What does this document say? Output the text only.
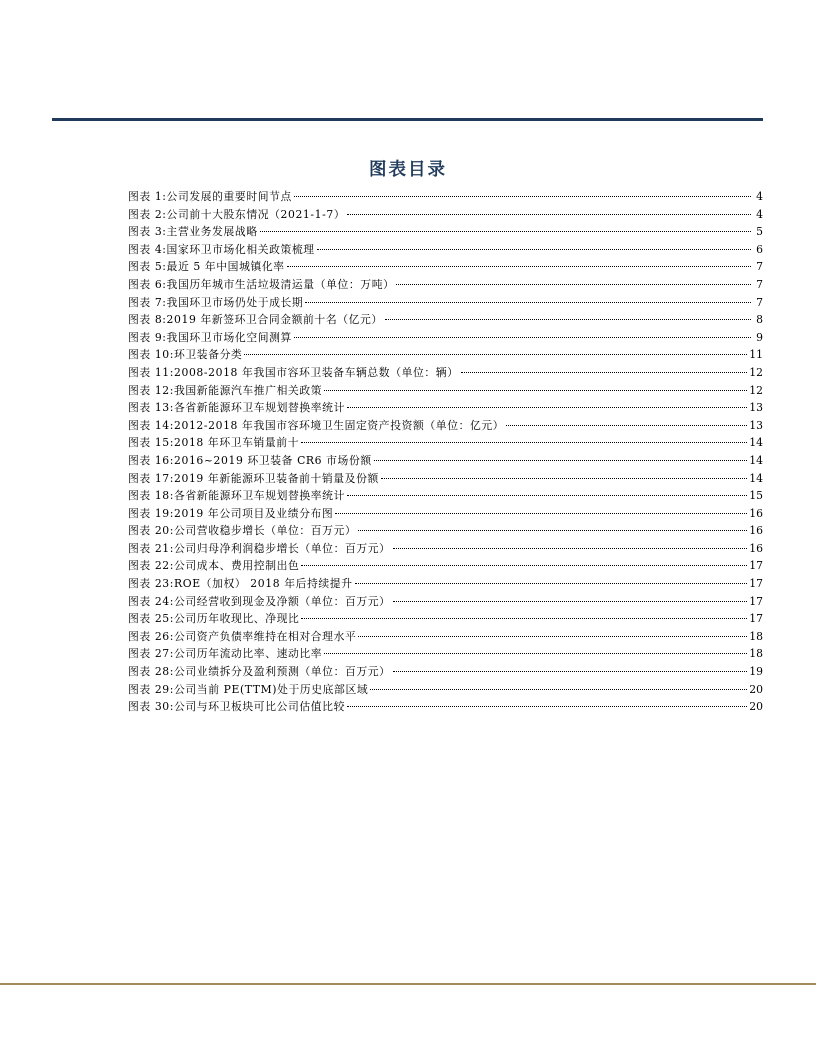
图表目录
图表 1: 公司发展的重要时间节点	4
图表 2: 公司前十大股东情况（2021-1-7）	4
图表 3: 主营业务发展战略	5
图表 4: 国家环卫市场化相关政策梳理	6
图表 5: 最近 5 年中国城镇化率	7
图表 6: 我国历年城市生活垃圾清运量（单位：万吨）	7
图表 7: 我国环卫市场仍处于成长期	7
图表 8: 2019 年新签环卫合同金额前十名（亿元）	8
图表 9: 我国环卫市场化空间测算	9
图表 10: 环卫装备分类	11
图表 11: 2008-2018 年我国市容环卫装备车辆总数（单位：辆）	12
图表 12: 我国新能源汽车推广相关政策	12
图表 13: 各省新能源环卫车规划替换率统计	13
图表 14: 2012-2018 年我国市容环境卫生固定资产投资额（单位：亿元）	13
图表 15: 2018 年环卫车销量前十	14
图表 16: 2016~2019 环卫装备 CR6 市场份额	14
图表 17: 2019 年新能源环卫装备前十销量及份额	14
图表 18: 各省新能源环卫车规划替换率统计	15
图表 19: 2019 年公司项目及业绩分布图	16
图表 20: 公司营收稳步增长（单位：百万元）	16
图表 21: 公司归母净利润稳步增长（单位：百万元）	16
图表 22: 公司成本、费用控制出色	17
图表 23: ROE（加权） 2018 年后持续提升	17
图表 24: 公司经营收到现金及净额（单位：百万元）	17
图表 25: 公司历年收现比、净现比	17
图表 26: 公司资产负债率维持在相对合理水平	18
图表 27: 公司历年流动比率、速动比率	18
图表 28: 公司业绩拆分及盈利预测（单位：百万元）	19
图表 29: 公司当前 PE(TTM)处于历史底部区域	20
图表 30: 公司与环卫板块可比公司估值比较	20
